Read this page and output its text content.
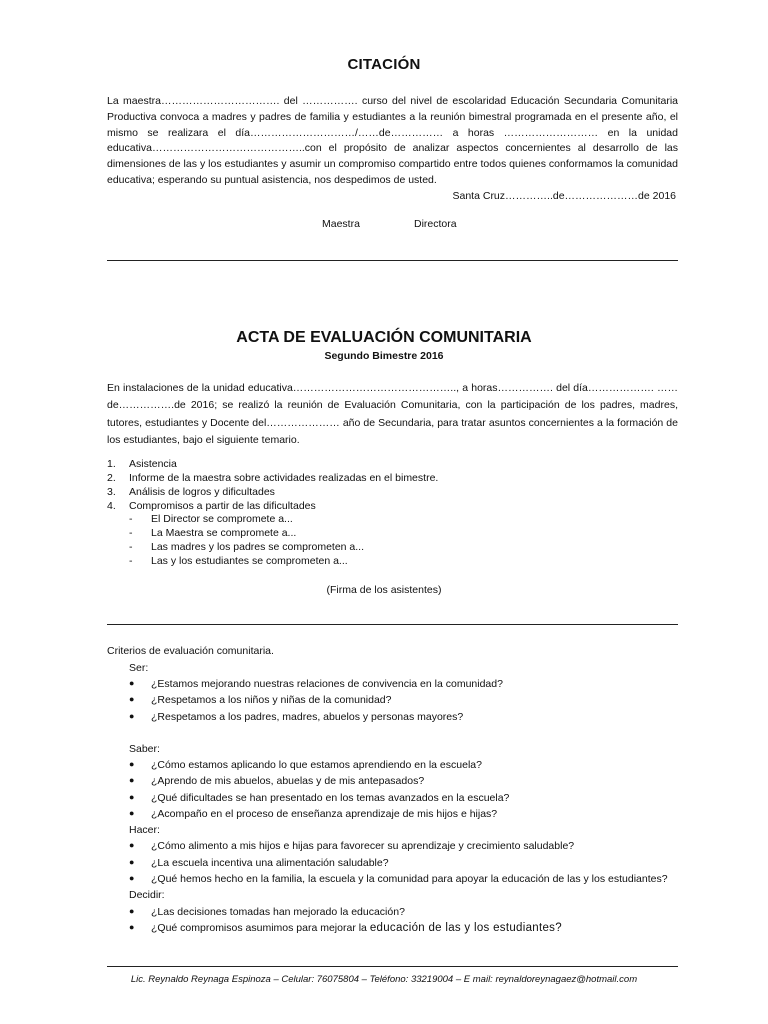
CITACIÓN
La maestra……………………………. del ……………. curso del nivel de escolaridad Educación Secundaria Comunitaria Productiva convoca a madres y padres de familia y estudiantes a la reunión bimestral programada en el presente año, el mismo se realizara el día…………………………/……de…………… a horas ……………………… en la unidad educativa……………………………………..con el propósito de analizar aspectos concernientes al desarrollo de las dimensiones de las y los estudiantes y asumir un compromiso compartido entre todos quienes conformamos la comunidad educativa; esperando su puntual asistencia, nos despedimos de usted.
Santa Cruz…………..de…………………de 2016
Maestra	Directora
ACTA DE EVALUACIÓN COMUNITARIA
Segundo Bimestre 2016
En instalaciones de la unidad educativa……………………………………….., a horas……………. del día………………. …… de…………….de 2016; se realizó la reunión de Evaluación Comunitaria, con la participación de los padres, madres, tutores, estudiantes y Docente del………………… año de Secundaria, para tratar asuntos concernientes a la formación de los estudiantes, bajo el siguiente temario.
1.	Asistencia
2.	Informe de la maestra sobre actividades realizadas en el bimestre.
3.	Análisis de logros y dificultades
4.	Compromisos a partir de las dificultades
-	El Director se compromete a...
-	La Maestra se compromete a...
-	Las madres y los padres se comprometen a...
-	Las y los estudiantes se comprometen a...
(Firma de los asistentes)
Criterios de evaluación comunitaria.
Ser:
●	¿Estamos mejorando nuestras relaciones de convivencia en la comunidad?
●	¿Respetamos a los niños y niñas de la comunidad?
●	¿Respetamos a los padres, madres, abuelos y personas mayores?
Saber:
●	¿Cómo estamos aplicando lo que estamos aprendiendo en la escuela?
●	¿Aprendo de mis abuelos, abuelas y de mis antepasados?
●	¿Qué dificultades se han presentado en los temas avanzados en la escuela?
●	¿Acompaño en el proceso de enseñanza aprendizaje de mis hijos e hijas?
Hacer:
●	¿Cómo alimento a mis hijos e hijas para favorecer su aprendizaje y crecimiento saludable?
●	¿La escuela incentiva una alimentación saludable?
●	¿Qué hemos hecho en la familia, la escuela y la comunidad para apoyar la educación de las y los estudiantes?
Decidir:
●	¿Las decisiones tomadas han mejorado la educación?
●	¿Qué compromisos asumimos para mejorar la educación de las y los estudiantes?
Lic. Reynaldo Reynaga Espinoza – Celular: 76075804 – Teléfono: 33219004 – E mail: reynaldoreynagaez@hotmail.com
